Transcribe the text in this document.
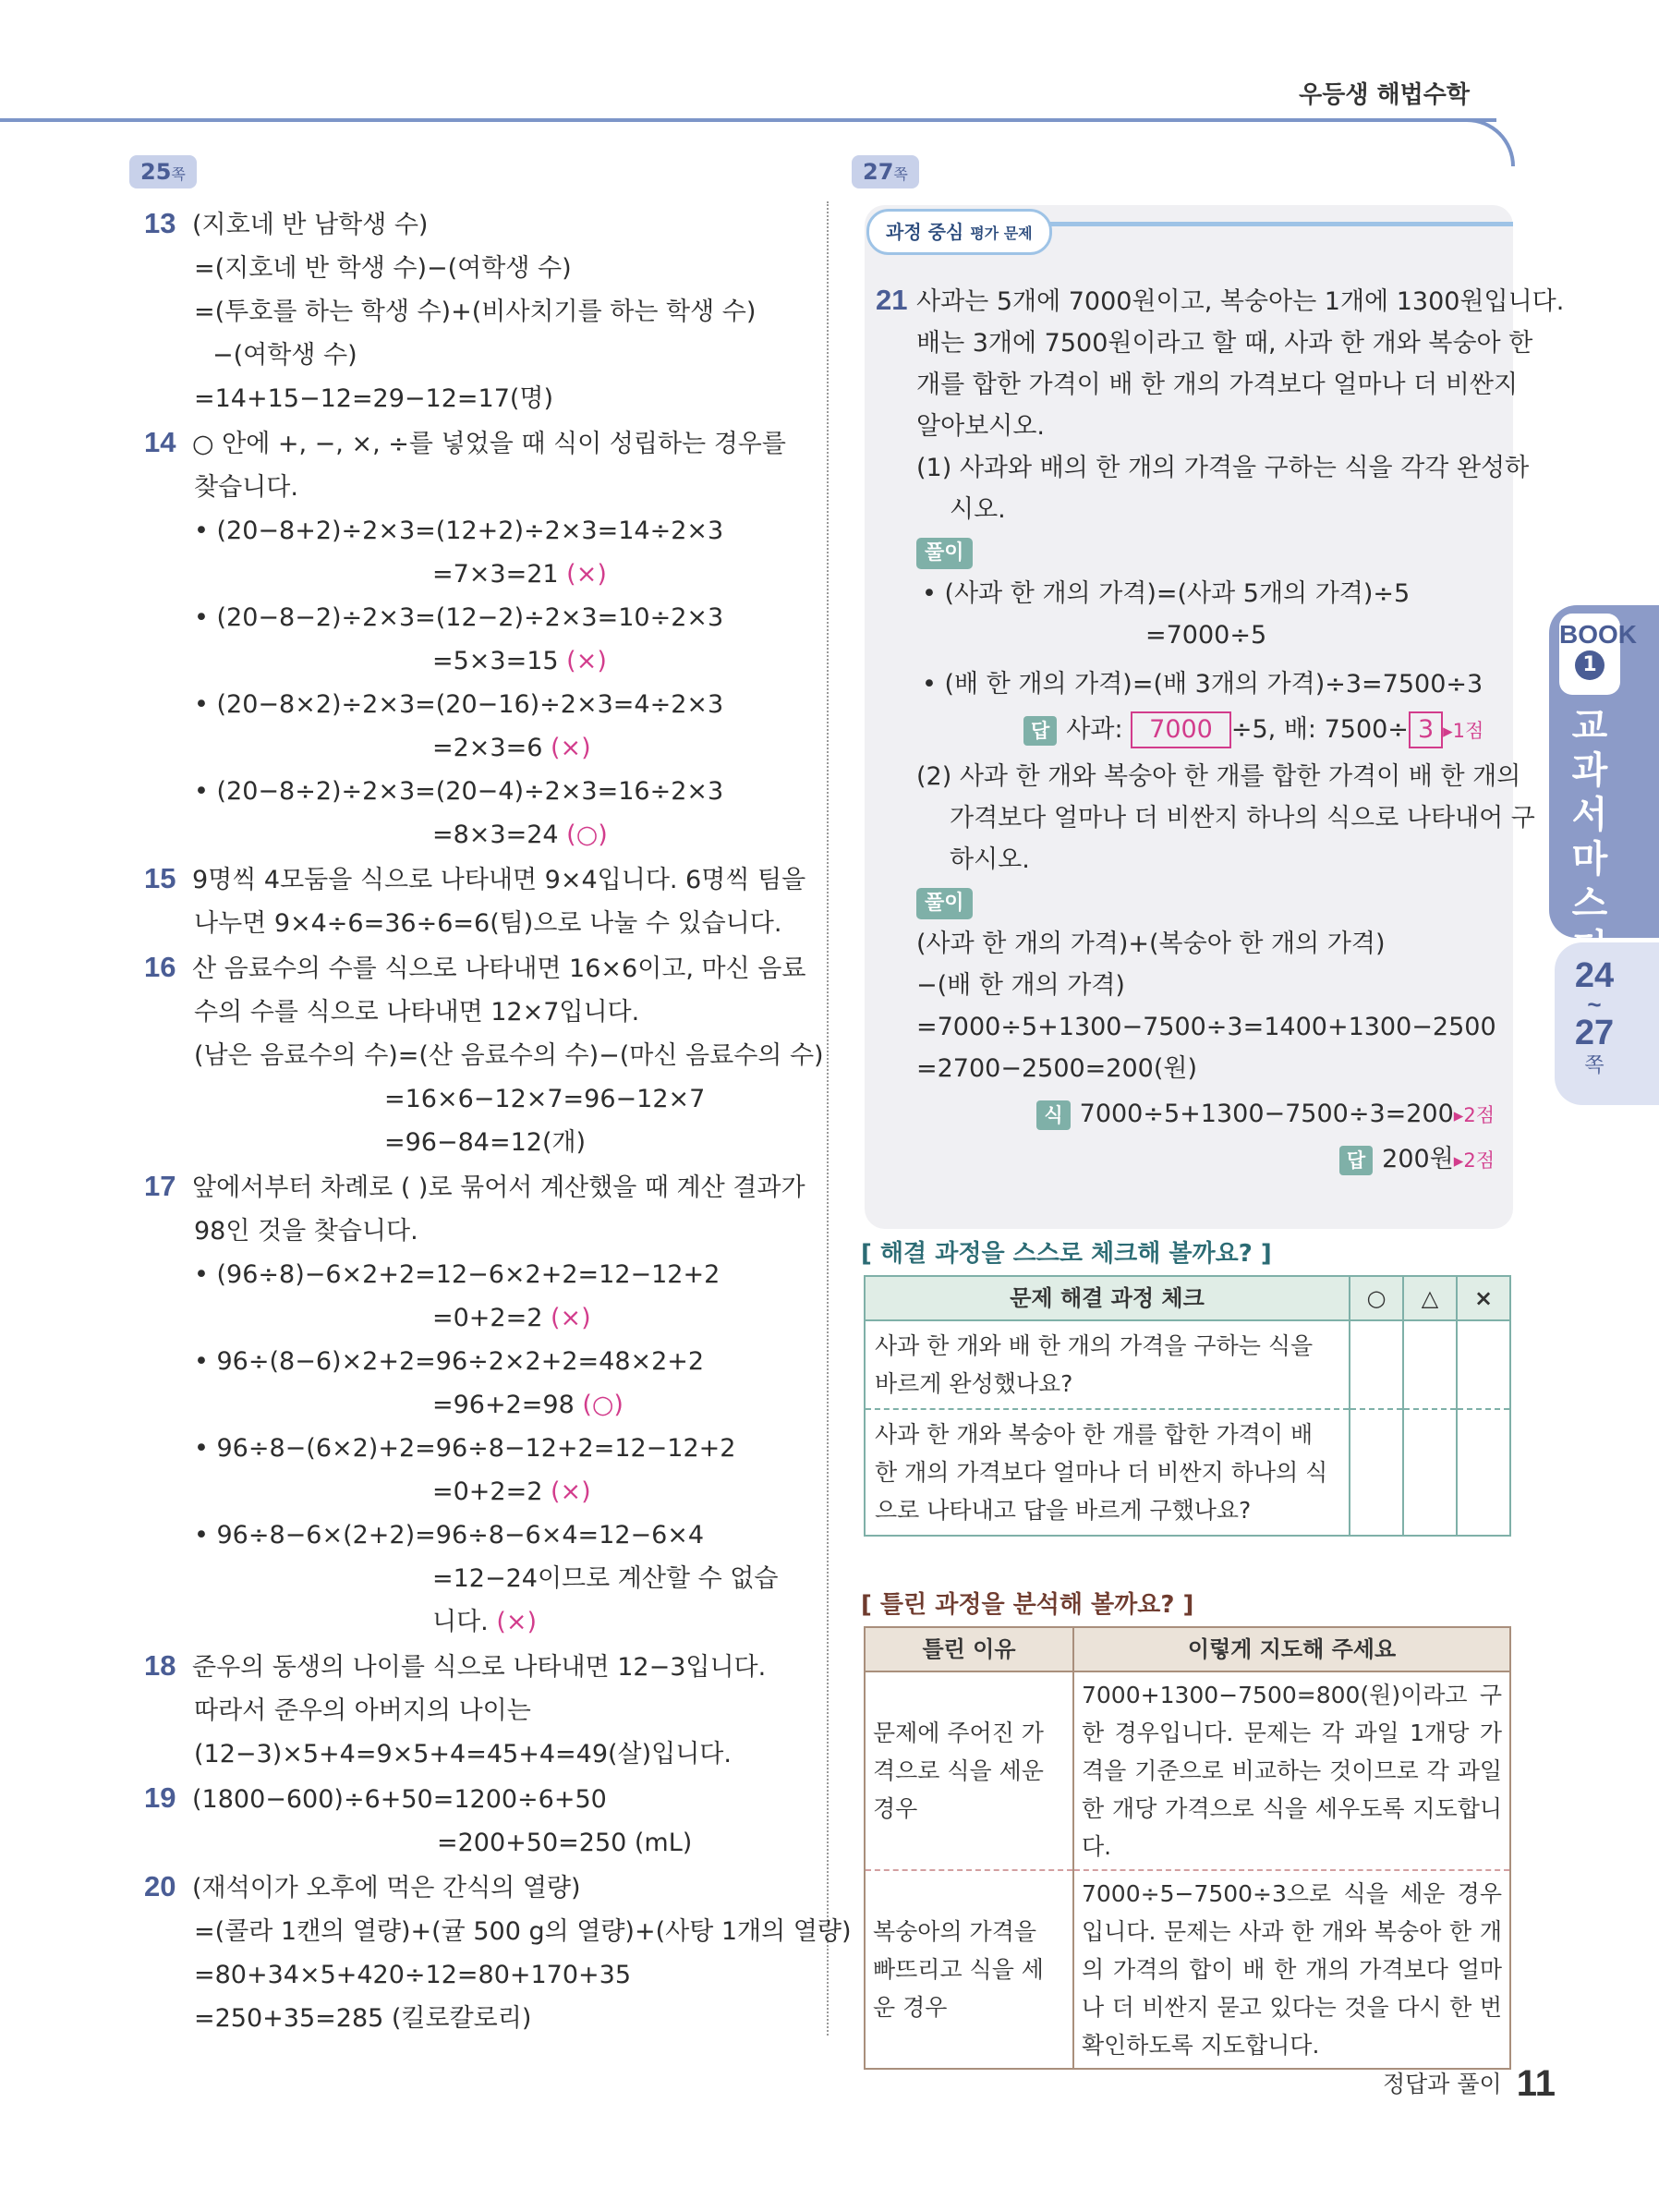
우등생 해법수학
25쪽	27쪽
13 (지호네 반 남학생 수)
=(지호네 반 학생 수)−(여학생 수)
=(투호를 하는 학생 수)+(비사치기를 하는 학생 수)
−(여학생 수)
=14+15−12=29−12=17(명)
14 ○ 안에 +, −, ×, ÷를 넣었을 때 식이 성립하는 경우를
찾습니다.
• (20−8+2)÷2×3=(12+2)÷2×3=14÷2×3
=7×3=21 (×)
• (20−8−2)÷2×3=(12−2)÷2×3=10÷2×3
=5×3=15 (×)
• (20−8×2)÷2×3=(20−16)÷2×3=4÷2×3
=2×3=6 (×)
• (20−8÷2)÷2×3=(20−4)÷2×3=16÷2×3
=8×3=24 (○)
15 9명씩 4모둠을 식으로 나타내면 9×4입니다. 6명씩 팀을
나누면 9×4÷6=36÷6=6(팀)으로 나눌 수 있습니다.
16 산 음료수의 수를 식으로 나타내면 16×6이고, 마신 음료
수의 수를 식으로 나타내면 12×7입니다.
(남은 음료수의 수)=(산 음료수의 수)−(마신 음료수의 수)
=16×6−12×7=96−12×7
=96−84=12(개)
17 앞에서부터 차례로 ( )로 묶어서 계산했을 때 계산 결과가
98인 것을 찾습니다.
• (96÷8)−6×2+2=12−6×2+2=12−12+2
=0+2=2 (×)
• 96÷(8−6)×2+2=96÷2×2+2=48×2+2
=96+2=98 (○)
• 96÷8−(6×2)+2=96÷8−12+2=12−12+2
=0+2=2 (×)
• 96÷8−6×(2+2)=96÷8−6×4=12−6×4
=12−24이므로 계산할 수 없습
니다. (×)
18 준우의 동생의 나이를 식으로 나타내면 12−3입니다.
따라서 준우의 아버지의 나이는
(12−3)×5+4=9×5+4=45+4=49(살)입니다.
19 (1800−600)÷6+50=1200÷6+50
=200+50=250 (mL)
20 (재석이가 오후에 먹은 간식의 열량)
=(콜라 1캔의 열량)+(귤 500 g의 열량)+(사탕 1개의 열량)
=80+34×5+420÷12=80+170+35
=250+35=285 (킬로칼로리)
과정 중심 평가 문제
21 사과는 5개에 7000원이고, 복숭아는 1개에 1300원입니다.
배는 3개에 7500원이라고 할 때, 사과 한 개와 복숭아 한
개를 합한 가격이 배 한 개의 가격보다 얼마나 더 비싼지
알아보시오.
(1) 사과와 배의 한 개의 가격을 구하는 식을 각각 완성하
시오.
풀이
• (사과 한 개의 가격)=(사과 5개의 가격)÷5
=7000÷5
• (배 한 개의 가격)=(배 3개의 가격)÷3=7500÷3
답 사과: 7000 ÷5, 배: 7500÷ 3 ▸1점
(2) 사과 한 개와 복숭아 한 개를 합한 가격이 배 한 개의
가격보다 얼마나 더 비싼지 하나의 식으로 나타내어 구
하시오.
풀이
(사과 한 개의 가격)+(복숭아 한 개의 가격)
−(배 한 개의 가격)
=7000÷5+1300−7500÷3=1400+1300−2500
=2700−2500=200(원)
식 7000÷5+1300−7500÷3=200▸2점
답 200원▸2점
[ 해결 과정을 스스로 체크해 볼까요? ]
문제 해결 과정 체크	○	△	×
사과 한 개와 배 한 개의 가격을 구하는 식을 바르게 완성했나요?			
사과 한 개와 복숭아 한 개를 합한 가격이 배 한 개의 가격보다 얼마나 더 비싼지 하나의 식으로 나타내고 답을 바르게 구했나요?			
[ 틀린 과정을 분석해 볼까요? ]
틀린 이유	이렇게 지도해 주세요
문제에 주어진 가격으로 식을 세운 경우	7000+1300−7500=800(원)이라고 구한 경우입니다. 문제는 각 과일 1개당 가격을 기준으로 비교하는 것이므로 각 과일 한 개당 가격으로 식을 세우도록 지도합니다.
복숭아의 가격을 빠뜨리고 식을 세운 경우	7000÷5−7500÷3으로 식을 세운 경우입니다. 문제는 사과 한 개와 복숭아 한 개의 가격의 합이 배 한 개의 가격보다 얼마나 더 비싼지 묻고 있다는 것을 다시 한 번 확인하도록 지도합니다.
BOOK
1
교
과
서
마
스
24
~
27
쪽
정답과 풀이 11
